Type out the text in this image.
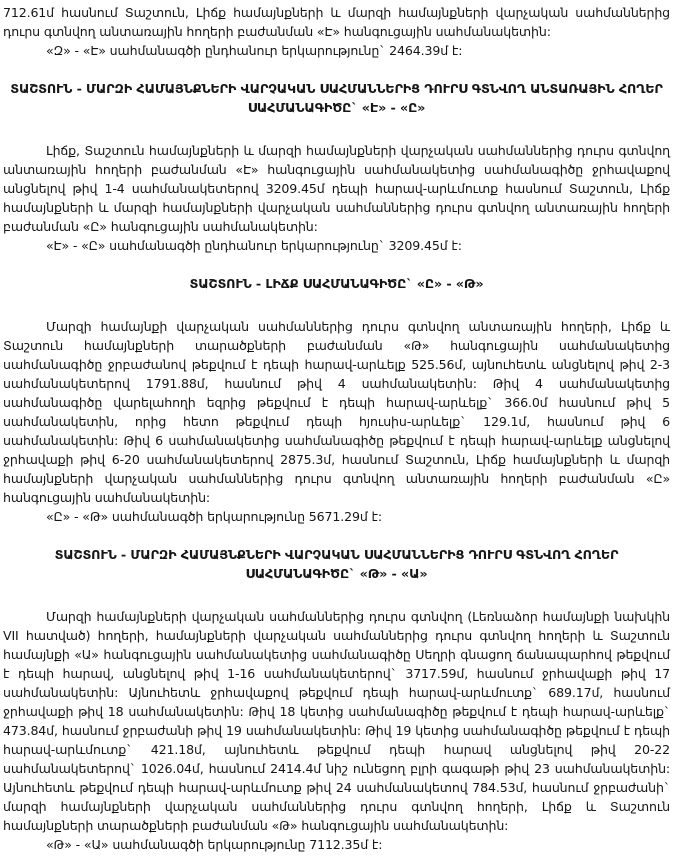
712.61մ հասնում Տաշտուն, Լիճք համայնքների և մարզի համայնքների վարչական սահմաններից դուրս գտնվող անտառային հողերի բաժանման «Է» հանգուցային սահմանակետին:

«Զ» - «Է» սահմանագծի ընդհանուր երկարությունը` 2464.39մ է:

ՏԱՇՏՈՒՆ - ՄԱՐԶԻ ՀԱՄԱՅՆՔՆԵՐԻ ՎԱՐՉԱԿԱՆ ՍԱՀՄԱՆՆԵՐԻՑ ԴՈՒՐՍ ԳՏՆՎՈՂ ԱՆՏԱՌԱՅԻՆ ՀՈՂԵՐ ՍԱՀՄԱՆԱԳԻԾԸ` «Է» - «Ը»

Լիճք, Տաշտուն համայնքների և մարզի համայնքների վարչական սահմաններից դուրս գտնվող անտառային հողերի բաժանման «Է» հանգուցային սահմանակետից սահմանագիծը ջրհավաքով անցնելով թիվ 1-4 սահմանակետերով 3209.45մ դեպի հարավ-արևմուտք հասնում Տաշտուն, Լիճք համայնքների և մարզի համայնքների վարչական սահմաններից դուրս գտնվող անտառային հողերի բաժանման «Ը» հանգուցային սահմանակետին:

«Է» - «Ը» սահմանագծի ընդհանուր երկարությունը` 3209.45մ է:

ՏԱՇՏՈՒՆ - ԼԻՃՔ ՍԱՀՄԱՆԱԳԻԾԸ` «Ը» - «Թ»

Մարզի համայնքի վարչական սահմաններից դուրս գտնվող անտառային հողերի, Լիճք և Տաշտուն համայնքների տարածքների բաժանման «Թ» հանգուցային սահմանակետից սահմանագիծը ջրբաժանով թեքվում է դեպի հարավ-արևելք 525.56մ, այնուհետև անցնելով թիվ 2-3 սահմանակետերով 1791.88մ, հասնում թիվ 4 սահմանակետին: Թիվ 4 սահմանակետից սահմանագիծը վարելահողի եզրից թեքվում է դեպի հարավ-արևելք` 366.0մ հասնում թիվ 5 սահմանակետին, որից հետո թեքվում դեպի հյուսիս-արևելք` 129.1մ, հասնում թիվ 6 սահմանակետին: Թիվ 6 սահմանակետից սահմանագիծը թեքվում է դեպի հարավ-արևելք անցնելով ջրհավաքի թիվ 6-20 սահմանակետերով 2875.3մ, հասնում Տաշտուն, Լիճք համայնքների և մարզի համայնքների վարչական սահմաններից դուրս գտնվող անտառային հողերի բաժանման «Ը» հանգուցային սահմանակետին:

«Ը» - «Թ» սահմանագծի երկարությունը 5671.29մ է:

ՏԱՇՏՈՒՆ - ՄԱՐԶԻ ՀԱՄԱՅՆՔՆԵՐԻ ՎԱՐՉԱԿԱՆ ՍԱՀՄԱՆՆԵՐԻՑ ԴՈՒՐՍ ԳՏՆՎՈՂ ՀՈՂԵՐ ՍԱՀՄԱՆԱԳԻԾԸ` «Թ» - «Ա»

Մարզի համայնքների վարչական սահմաններից դուրս գտնվող (Լեռնաձոր համայնքի նախկին VII հատված) հողերի, համայնքների վարչական սահմաններից դուրս գտնվող հողերի և Տաշտուն համայնքի «Ա» հանգուցային սահմանակետից սահմանագիծը Սեղրի գնացող ճանապարհով թեքվում է դեպի հարավ, անցնելով թիվ 1-16 սահմանակետերով` 3717.59մ, հասնում ջրհավաքի թիվ 17 սահմանակետին: Այնուհետև ջրհավաքով թեքվում դեպի հարավ-արևմուտք` 689.17մ, հասնում ջրհավաքի թիվ 18 սահմանակետին: Թիվ 18 կետից սահմանագիծը թեքվում է դեպի հարավ-արևելք` 473.84մ, հասնում ջրբաժանի թիվ 19 սահմանակետին: Թիվ 19 կետից սահմանագիծը թեքվում է դեպի հարավ-արևմուտք` 421.18մ, այնուհետև թեքվում դեպի հարավ անցնելով թիվ 20-22 սահմանակետերով` 1026.04մ, հասնում 2414.4մ նիշ ունեցող բլրի գագաթի թիվ 23 սահմանակետին: Այնուհետև թեքվում դեպի հարավ-արևմուտք թիվ 24 սահմանակետով 784.53մ, հասնում ջրբաժանի` մարզի համայնքների վարչական սահմաններից դուրս գտնվող հողերի, Լիճք և Տաշտուն համայնքների տարածքների բաժանման «Թ» հանգուցային սահմանակետին:

«Թ» - «Ա» սահմանագծի երկարությունը 7112.35մ է:
